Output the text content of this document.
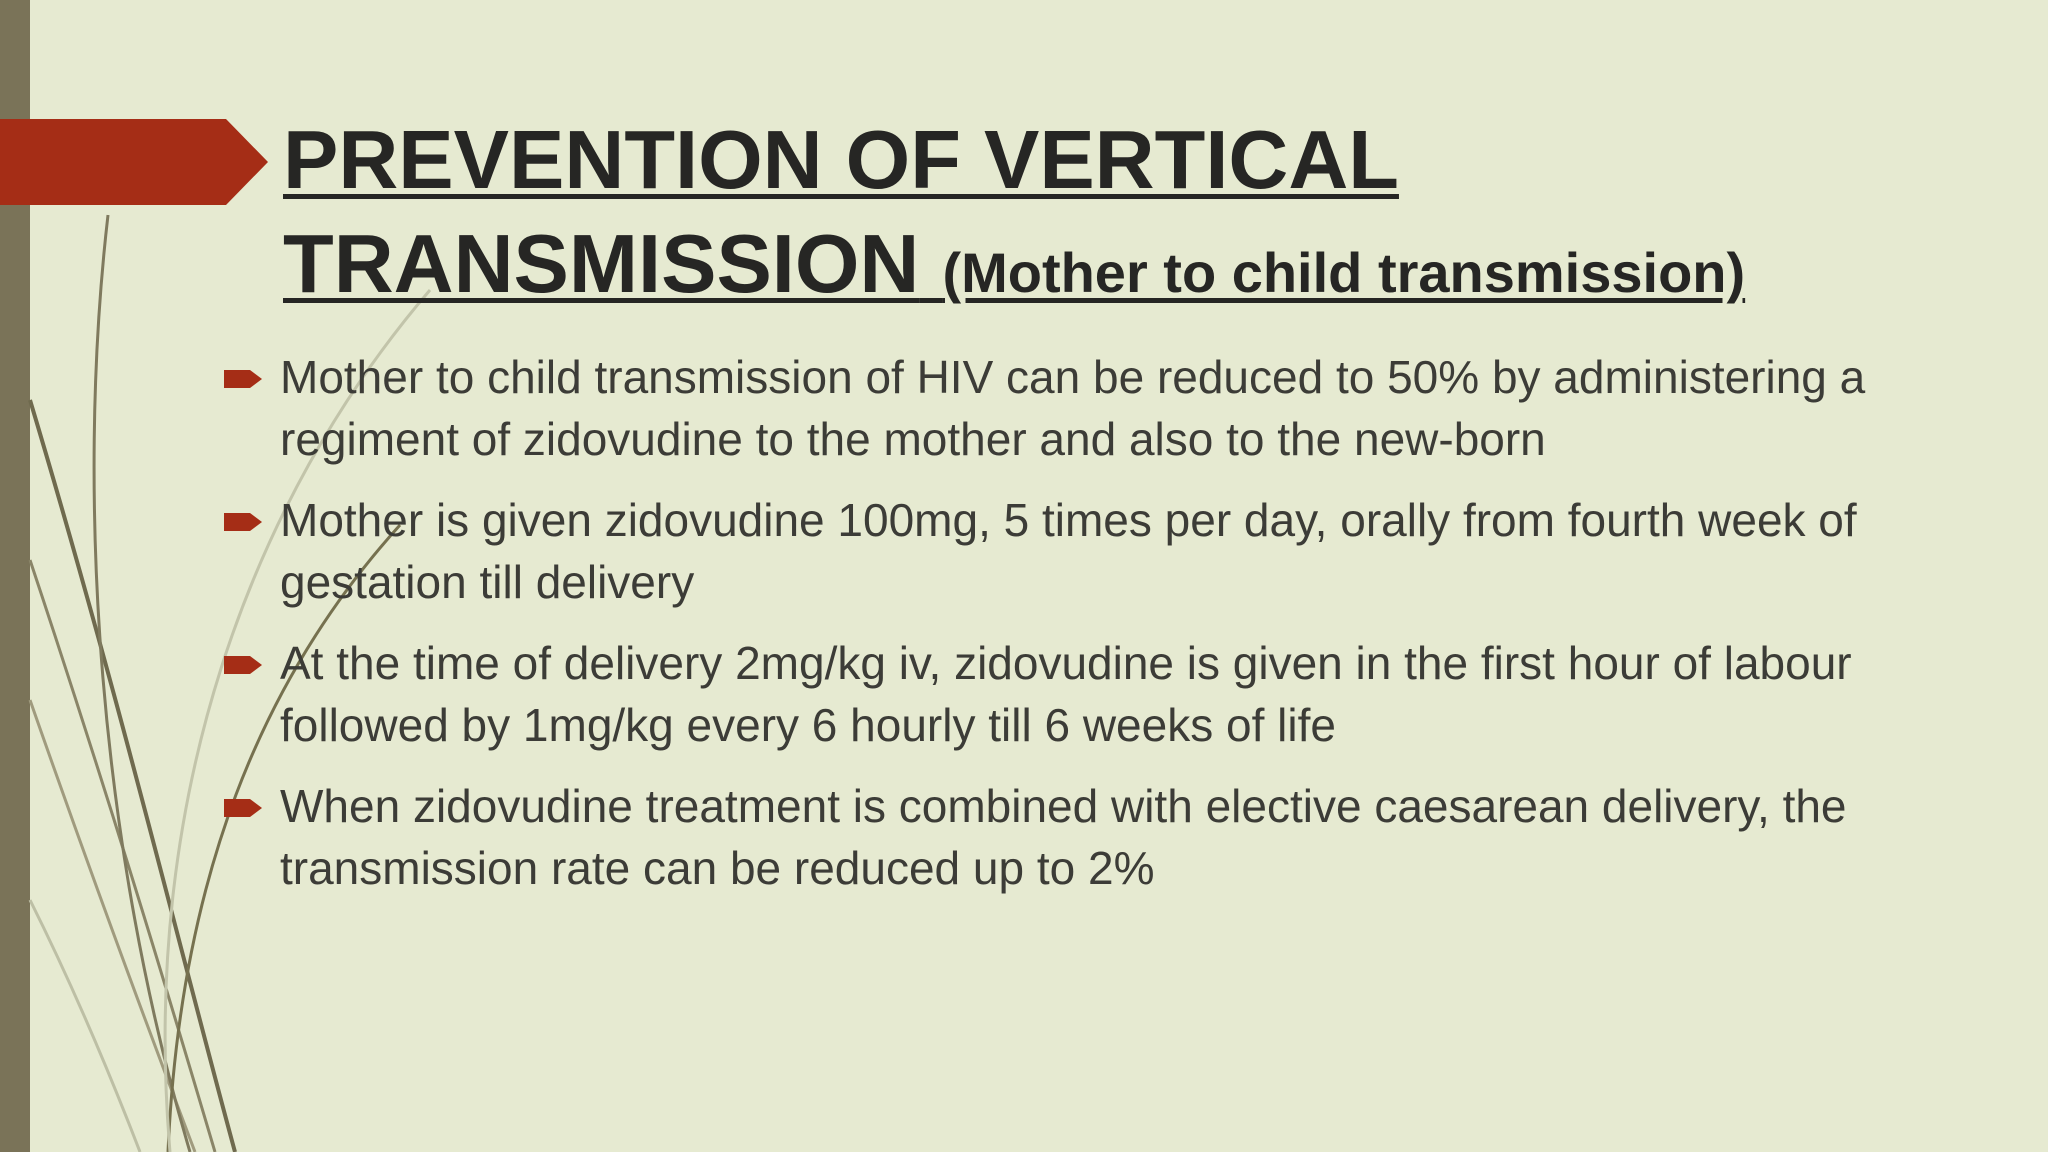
PREVENTION OF VERTICAL TRANSMISSION (Mother to child transmission)
Mother to child transmission of HIV can be reduced to 50% by administering a regiment of zidovudine to the mother and also to the new-born
Mother is given zidovudine 100mg, 5 times per day, orally from fourth week of gestation till delivery
At the time of delivery 2mg/kg iv, zidovudine is given in the first hour of labour followed by 1mg/kg every 6 hourly till 6 weeks of life
When zidovudine treatment is combined with elective caesarean delivery, the transmission rate can be reduced up to 2%
